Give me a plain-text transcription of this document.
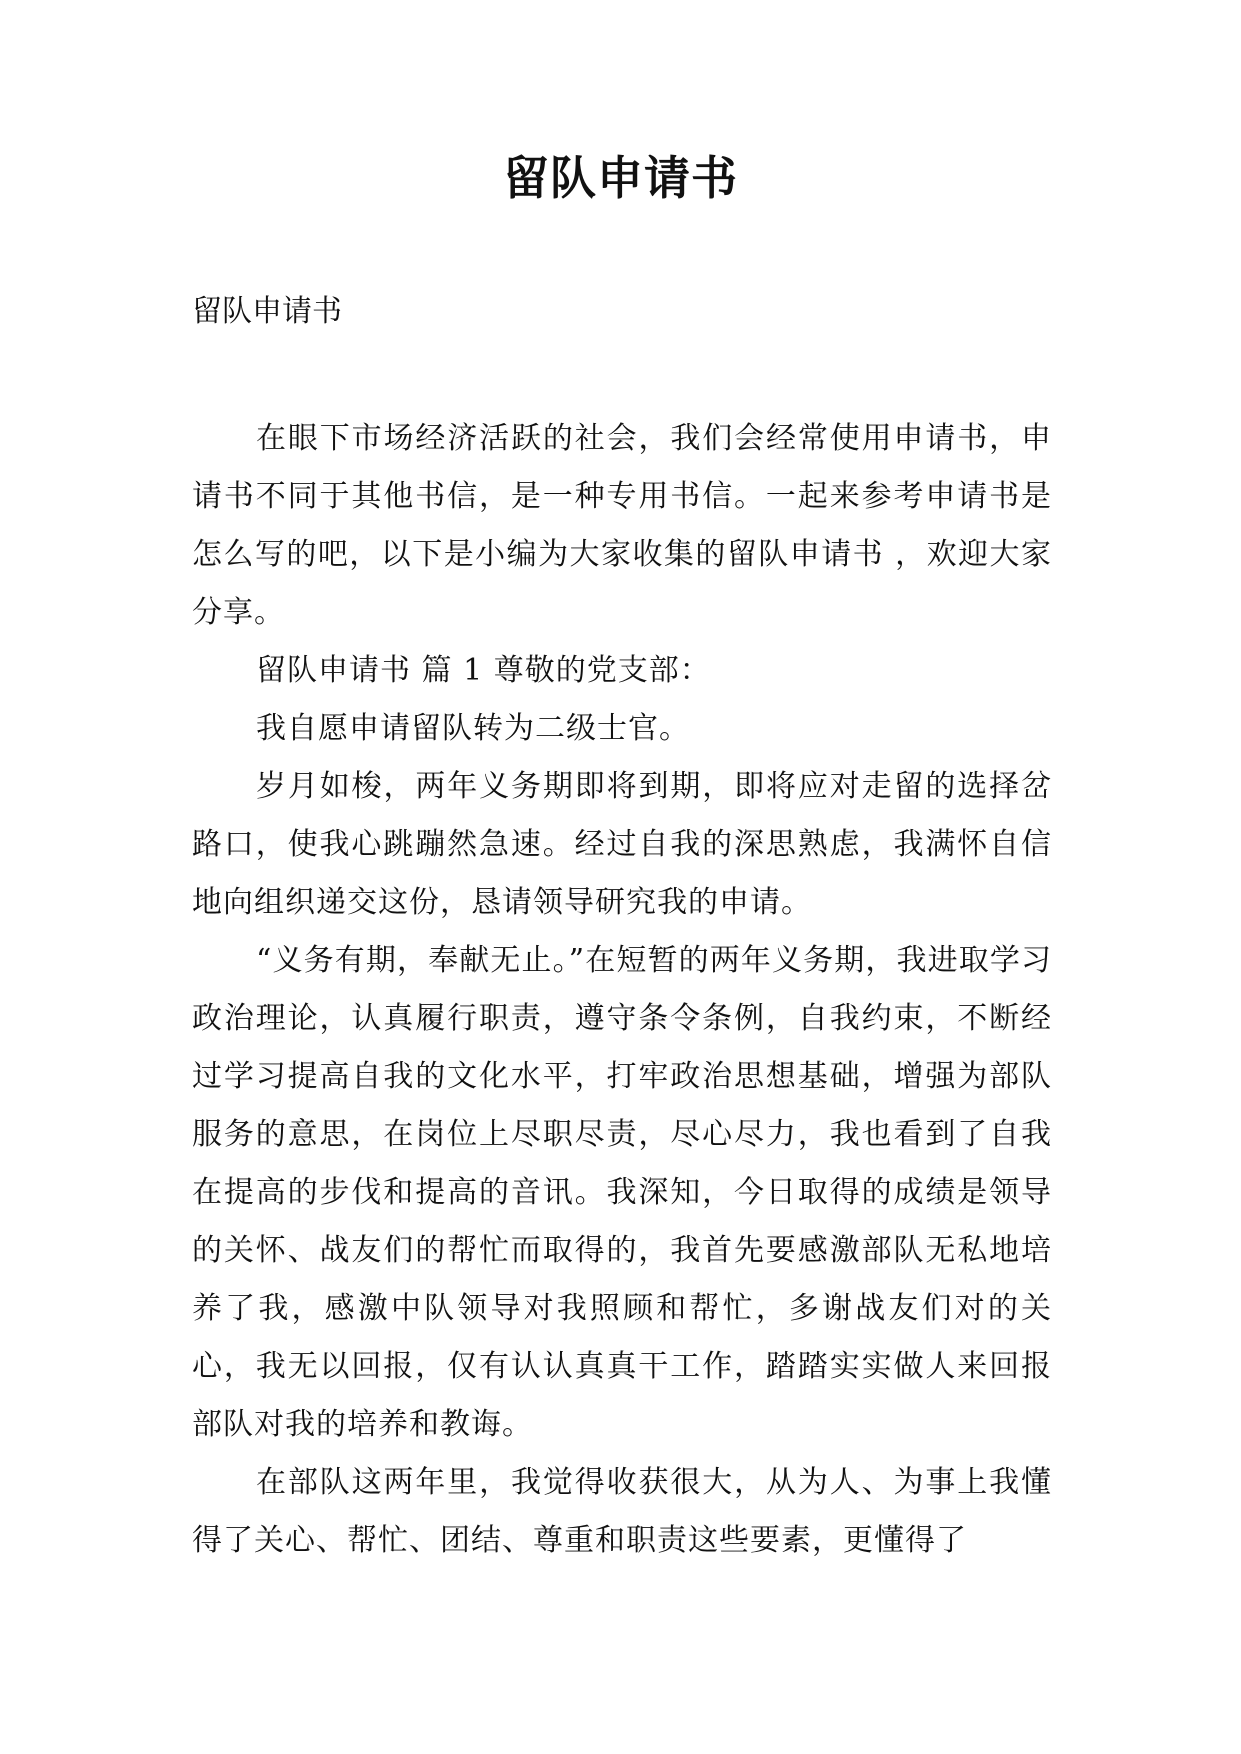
留队申请书
留队申请书

在眼下市场经济活跃的社会，我们会经常使用申请书，申请书不同于其他书信，是一种专用书信。一起来参考申请书是怎么写的吧，以下是小编为大家收集的留队申请书 ，欢迎大家分享。

留队申请书 篇 1 尊敬的党支部：

我自愿申请留队转为二级士官。

岁月如梭，两年义务期即将到期，即将应对走留的选择岔路口，使我心跳蹦然急速。经过自我的深思熟虑，我满怀自信地向组织递交这份，恳请领导研究我的申请。

“义务有期，奉献无止。”在短暂的两年义务期，我进取学习政治理论，认真履行职责，遵守条令条例，自我约束，不断经过学习提高自我的文化水平，打牢政治思想基础，增强为部队服务的意思，在岗位上尽职尽责，尽心尽力，我也看到了自我在提高的步伐和提高的音讯。我深知，今日取得的成绩是领导的关怀、战友们的帮忙而取得的，我首先要感激部队无私地培养了我，感激中队领导对我照顾和帮忙，多谢战友们对的关心，我无以回报，仅有认认真真干工作，踏踏实实做人来回报部队对我的培养和教诲。

在部队这两年里，我觉得收获很大，从为人、为事上我懂得了关心、帮忙、团结、尊重和职责这些要素，更懂得了
